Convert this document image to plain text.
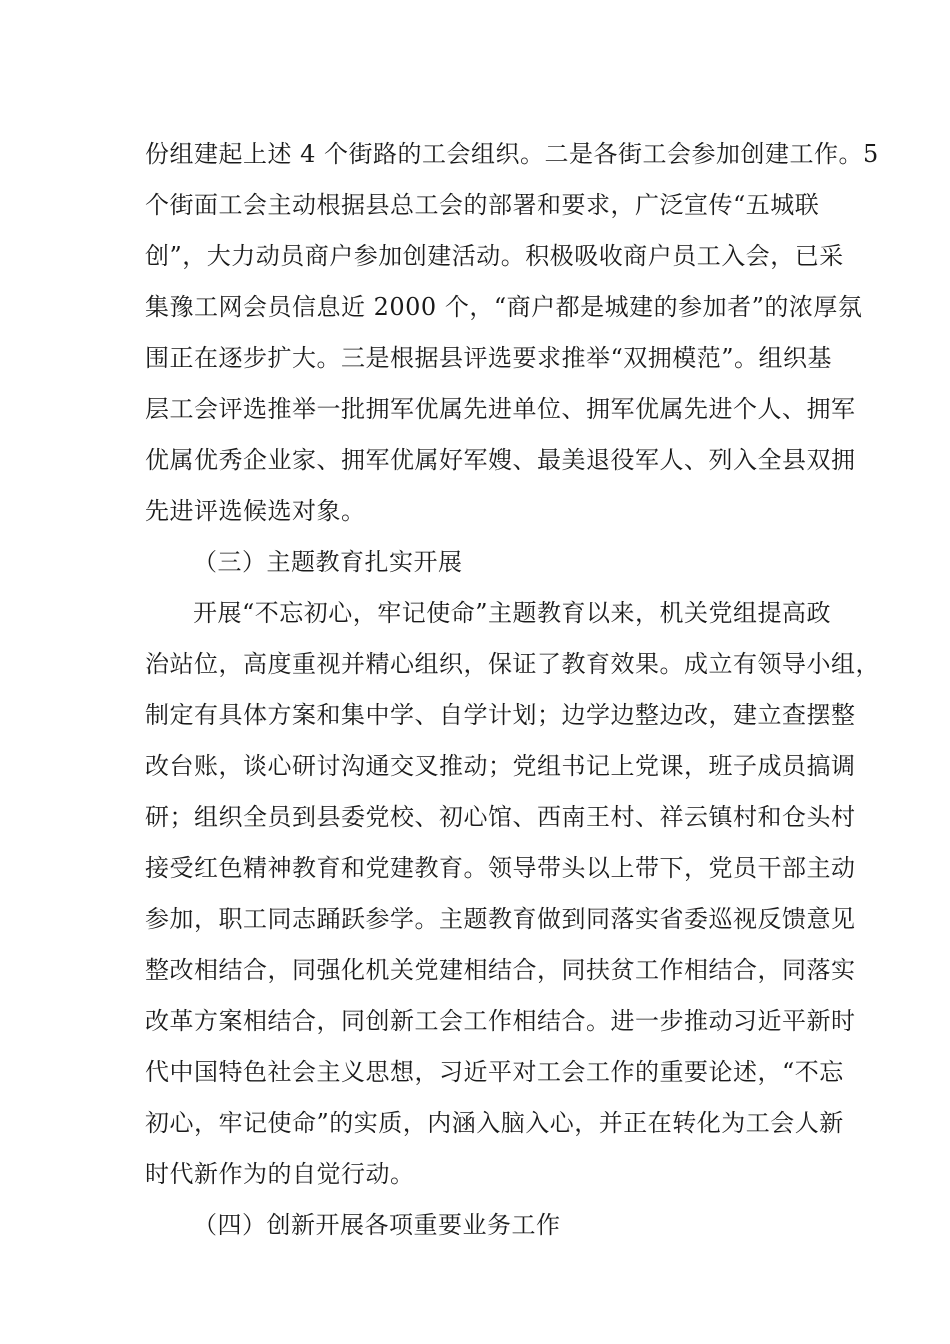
份组建起上述 4 个街路的工会组织。二是各街工会参加创建工作。5
个街面工会主动根据县总工会的部署和要求，广泛宣传“五城联
创”，大力动员商户参加创建活动。积极吸收商户员工入会，已采
集豫工网会员信息近 2000 个，“商户都是城建的参加者”的浓厚氛
围正在逐步扩大。三是根据县评选要求推举“双拥模范”。组织基
层工会评选推举一批拥军优属先进单位、拥军优属先进个人、拥军
优属优秀企业家、拥军优属好军嫂、最美退役军人、列入全县双拥
先进评选候选对象。
（三）主题教育扎实开展
开展“不忘初心，牢记使命”主题教育以来，机关党组提高政
治站位，高度重视并精心组织，保证了教育效果。成立有领导小组，
制定有具体方案和集中学、自学计划；边学边整边改，建立查摆整
改台账，谈心研讨沟通交叉推动；党组书记上党课，班子成员搞调
研；组织全员到县委党校、初心馆、西南王村、祥云镇村和仓头村
接受红色精神教育和党建教育。领导带头以上带下，党员干部主动
参加，职工同志踊跃参学。主题教育做到同落实省委巡视反馈意见
整改相结合，同强化机关党建相结合，同扶贫工作相结合，同落实
改革方案相结合，同创新工会工作相结合。进一步推动习近平新时
代中国特色社会主义思想，习近平对工会工作的重要论述，“不忘
初心，牢记使命”的实质，内涵入脑入心，并正在转化为工会人新
时代新作为的自觉行动。
（四）创新开展各项重要业务工作
